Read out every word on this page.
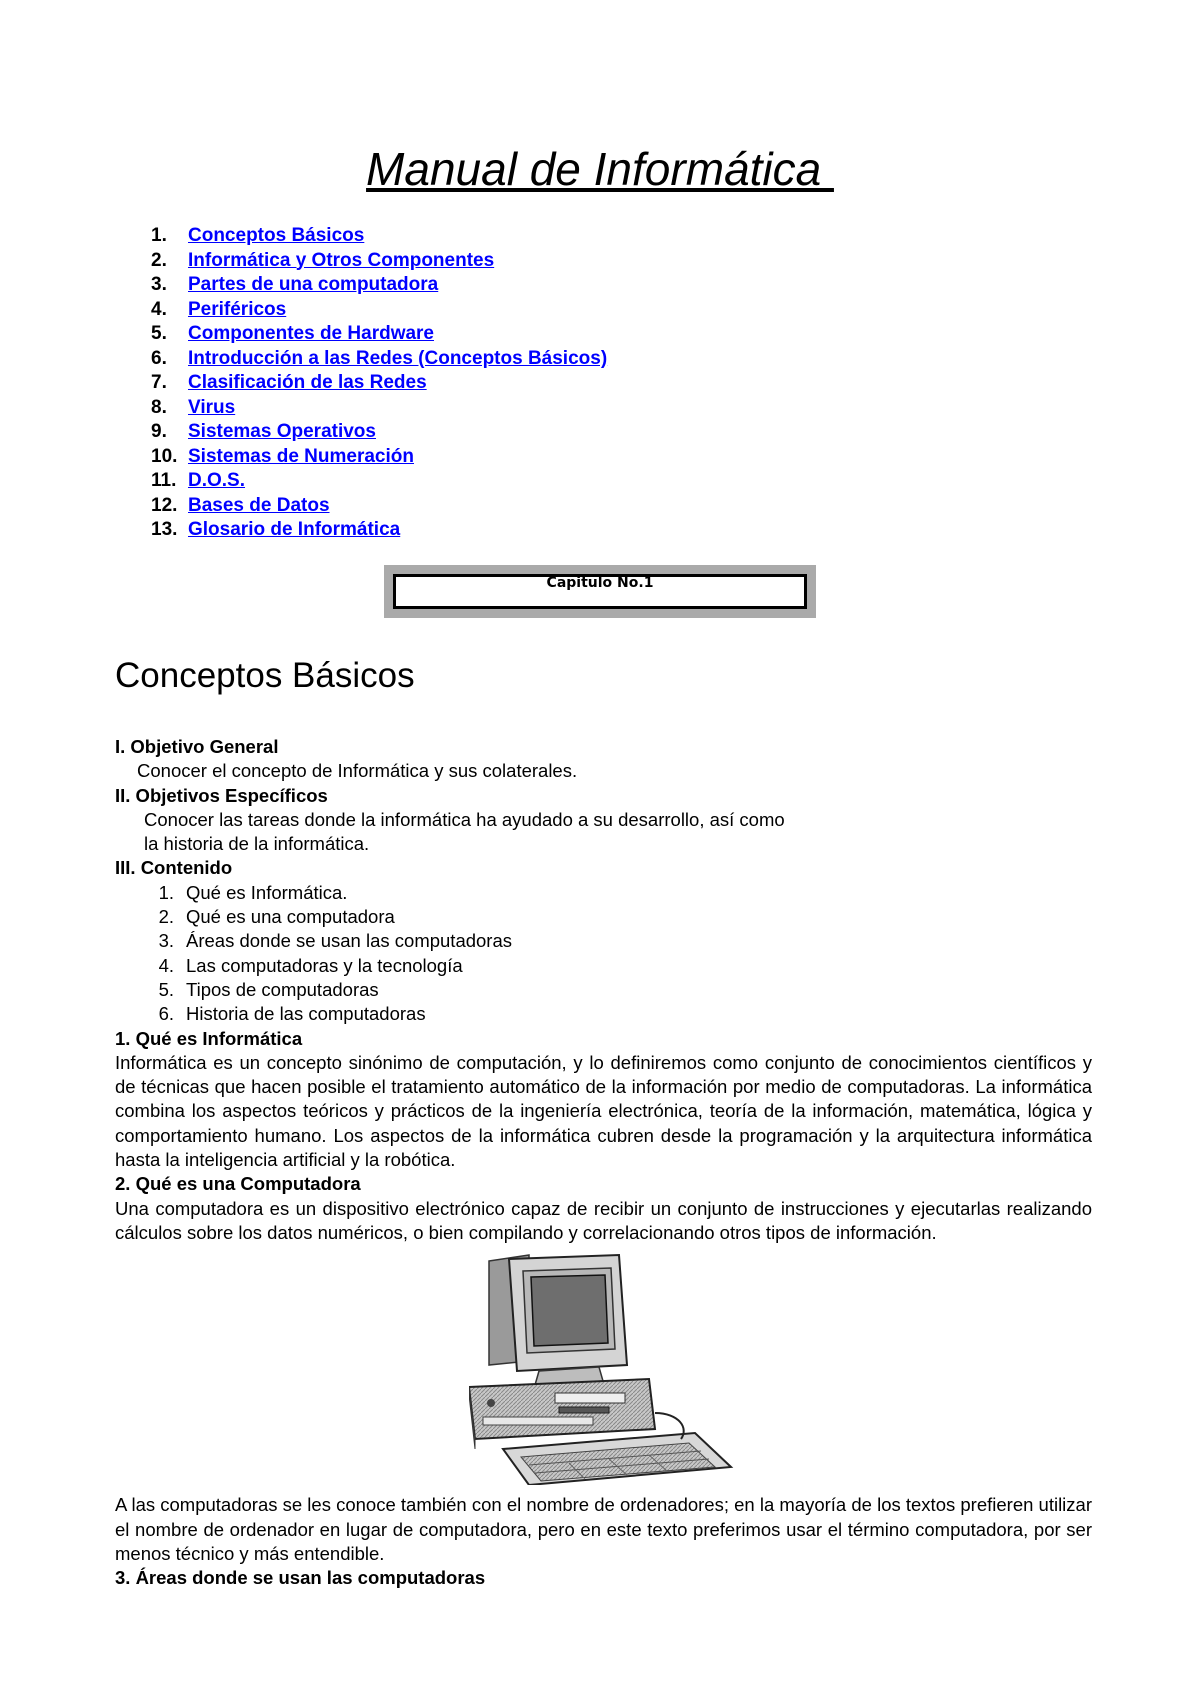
Manual de Informática
1. Conceptos Básicos
2. Informática y Otros Componentes
3. Partes de una computadora
4. Periféricos
5. Componentes de Hardware
6. Introducción a las Redes (Conceptos Básicos)
7. Clasificación de las Redes
8. Virus
9. Sistemas Operativos
10. Sistemas de Numeración
11. D.O.S.
12. Bases de Datos
13. Glosario de Informática
Capitulo No.1
Conceptos Básicos
I. Objetivo General
Conocer el concepto de Informática y sus colaterales.
II. Objetivos Específicos
Conocer las tareas donde la informática ha ayudado a su desarrollo, así como
la historia de la informática.
III. Contenido
1. Qué es Informática.
2. Qué es una computadora
3. Áreas donde se usan las computadoras
4. Las computadoras y la tecnología
5. Tipos de computadoras
6. Historia de las computadoras
1. Qué es Informática

Informática es un concepto sinónimo de computación, y lo definiremos como conjunto de conocimientos científicos y de técnicas que hacen posible el tratamiento automático de la información por medio de computadoras. La informática combina los aspectos teóricos y prácticos de la ingeniería electrónica, teoría de la información, matemática, lógica y comportamiento humano. Los aspectos de la informática cubren desde la programación y la arquitectura informática hasta la inteligencia artificial y la robótica.

2. Qué es una Computadora

Una computadora es un dispositivo electrónico capaz de recibir un conjunto de instrucciones y ejecutarlas realizando cálculos sobre los datos numéricos, o bien compilando y correlacionando otros tipos de información.

A las computadoras se les conoce también con el nombre de ordenadores; en la mayoría de los textos prefieren utilizar el nombre de ordenador en lugar de computadora, pero en este texto preferimos usar el término computadora, por ser menos técnico y más entendible.

3. Áreas donde se usan las computadoras
